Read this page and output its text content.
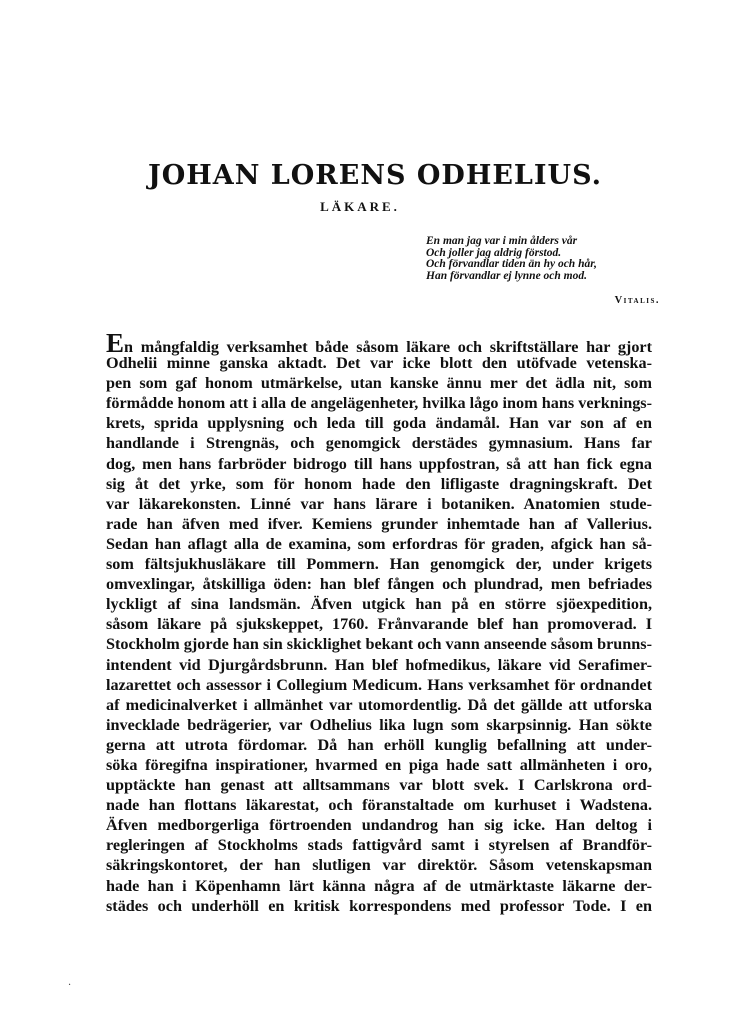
JOHAN LORENS ODHELIUS.
LÄKARE.
En man jag var i min ålders vår
Och joller jag aldrig förstod.
Och förvandlar tiden än hy och hår,
Han förvandlar ej lynne och mod.
Vitalis.
En mångfaldig verksamhet både såsom läkare och skriftställare har gjort
Odhelii minne ganska aktadt. Det var icke blott den utöfvade vetenska-
pen som gaf honom utmärkelse, utan kanske ännu mer det ädla nit, som
förmådde honom att i alla de angelägenheter, hvilka lågo inom hans verknings-
krets, sprida upplysning och leda till goda ändamål. Han var son af en
handlande i Strengnäs, och genomgick derstädes gymnasium. Hans far
dog, men hans farbröder bidrogo till hans uppfostran, så att han fick egna
sig åt det yrke, som för honom hade den lifligaste dragningskraft. Det
var läkarekonsten. Linné var hans lärare i botaniken. Anatomien stude-
rade han äfven med ifver. Kemiens grunder inhemtade han af Vallerius.
Sedan han aflagt alla de examina, som erfordras för graden, afgick han så-
som fältsjukhusläkare till Pommern. Han genomgick der, under krigets
omvexlingar, åtskilliga öden: han blef fången och plundrad, men befriades
lyckligt af sina landsmän. Äfven utgick han på en större sjöexpedition,
såsom läkare på sjukskeppet, 1760. Frånvarande blef han promoverad. I
Stockholm gjorde han sin skicklighet bekant och vann anseende såsom brunns-
intendent vid Djurgårdsbrunn. Han blef hofmedikus, läkare vid Serafimer-
lazarettet och assessor i Collegium Medicum. Hans verksamhet för ordnandet
af medicinalverket i allmänhet var utomordentlig. Då det gällde att utforska
invecklade bedrägerier, var Odhelius lika lugn som skarpsinnig. Han sökte
gerna att utrota fördomar. Då han erhöll kunglig befallning att under-
söka föregifna inspirationer, hvarmed en piga hade satt allmänheten i oro,
upptäckte han genast att alltsammans var blott svek. I Carlskrona ord-
nade han flottans läkarestat, och föranstaltade om kurhuset i Wadstena.
Äfven medborgerliga förtroenden undandrog han sig icke. Han deltog i
regleringen af Stockholms stads fattigvård samt i styrelsen af Brandför-
säkringskontoret, der han slutligen var direktör. Såsom vetenskapsman
hade han i Köpenhamn lärt känna några af de utmärktaste läkarne der-
städes och underhöll en kritisk korrespondens med professor Tode. I en
·
